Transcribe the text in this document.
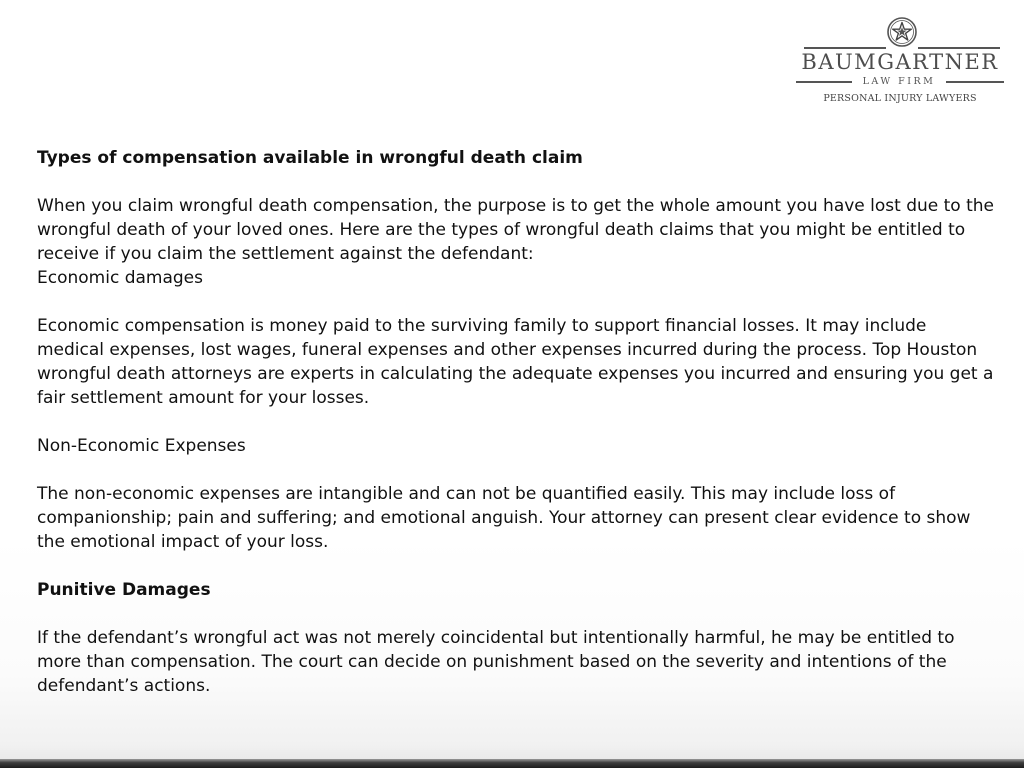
BAUMGARTNER
LAW FIRM
PERSONAL INJURY LAWYERS

Types of compensation available in wrongful death claim

When you claim wrongful death compensation, the purpose is to get the whole amount you have lost due to the wrongful death of your loved ones. Here are the types of wrongful death claims that you might be entitled to receive if you claim the settlement against the defendant:

Economic damages

Economic compensation is money paid to the surviving family to support financial losses. It may include medical expenses, lost wages, funeral expenses and other expenses incurred during the process. Top Houston wrongful death attorneys are experts in calculating the adequate expenses you incurred and ensuring you get a fair settlement amount for your losses.

Non-Economic Expenses

The non-economic expenses are intangible and can not be quantified easily. This may include loss of companionship; pain and suffering; and emotional anguish. Your attorney can present clear evidence to show the emotional impact of your loss.

Punitive Damages

If the defendant’s wrongful act was not merely coincidental but intentionally harmful, he may be entitled to more than compensation. The court can decide on punishment based on the severity and intentions of the defendant’s actions.
